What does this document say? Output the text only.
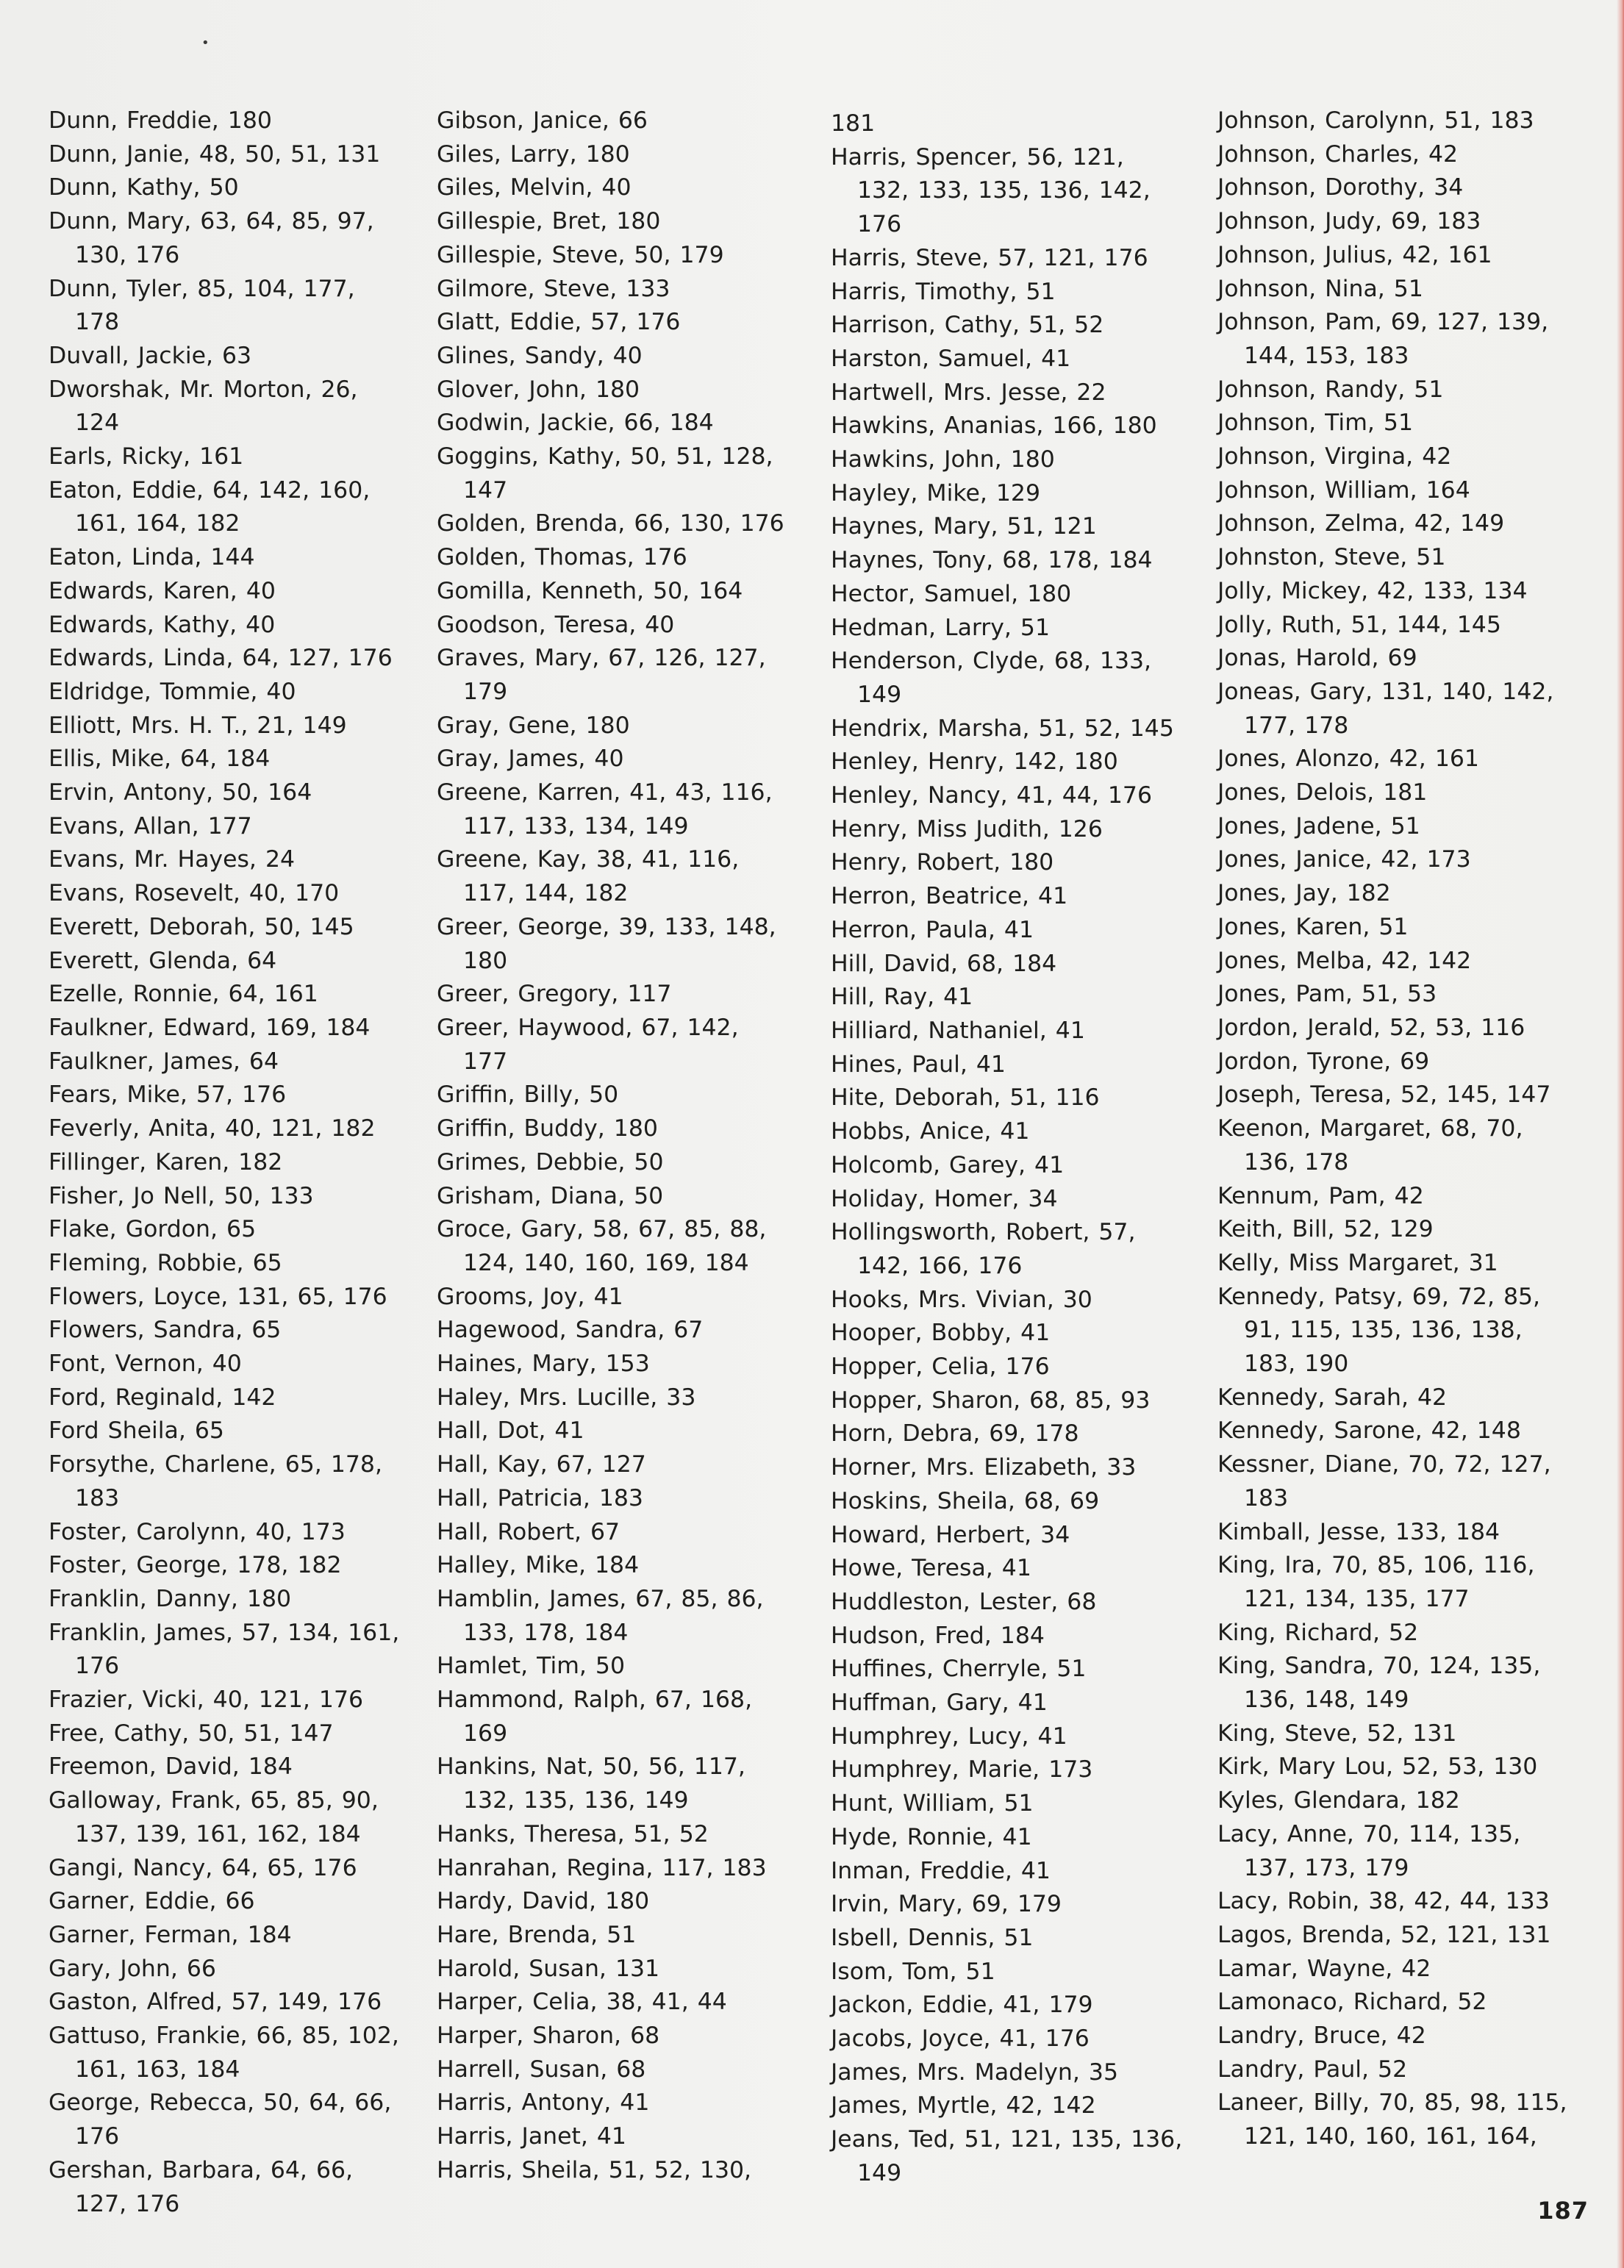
•
Dunn, Freddie, 180
Dunn, Janie, 48, 50, 51, 131
Dunn, Kathy, 50
Dunn, Mary, 63, 64, 85, 97, 130, 176
Dunn, Tyler, 85, 104, 177, 178
Duvall, Jackie, 63
Dworshak, Mr. Morton, 26, 124
Earls, Ricky, 161
Eaton, Eddie, 64, 142, 160, 161, 164, 182
Eaton, Linda, 144
Edwards, Karen, 40
Edwards, Kathy, 40
Edwards, Linda, 64, 127, 176
Eldridge, Tommie, 40
Elliott, Mrs. H. T., 21, 149
Ellis, Mike, 64, 184
Ervin, Antony, 50, 164
Evans, Allan, 177
Evans, Mr. Hayes, 24
Evans, Rosevelt, 40, 170
Everett, Deborah, 50, 145
Everett, Glenda, 64
Ezelle, Ronnie, 64, 161
Faulkner, Edward, 169, 184
Faulkner, James, 64
Fears, Mike, 57, 176
Feverly, Anita, 40, 121, 182
Fillinger, Karen, 182
Fisher, Jo Nell, 50, 133
Flake, Gordon, 65
Fleming, Robbie, 65
Flowers, Loyce, 131, 65, 176
Flowers, Sandra, 65
Font, Vernon, 40
Ford, Reginald, 142
Ford Sheila, 65
Forsythe, Charlene, 65, 178, 183
Foster, Carolynn, 40, 173
Foster, George, 178, 182
Franklin, Danny, 180
Franklin, James, 57, 134, 161, 176
Frazier, Vicki, 40, 121, 176
Free, Cathy, 50, 51, 147
Freemon, David, 184
Galloway, Frank, 65, 85, 90, 137, 139, 161, 162, 184
Gangi, Nancy, 64, 65, 176
Garner, Eddie, 66
Garner, Ferman, 184
Gary, John, 66
Gaston, Alfred, 57, 149, 176
Gattuso, Frankie, 66, 85, 102, 161, 163, 184
George, Rebecca, 50, 64, 66, 176
Gershan, Barbara, 64, 66, 127, 176
Gibson, Janice, 66
Giles, Larry, 180
Giles, Melvin, 40
Gillespie, Bret, 180
Gillespie, Steve, 50, 179
Gilmore, Steve, 133
Glatt, Eddie, 57, 176
Glines, Sandy, 40
Glover, John, 180
Godwin, Jackie, 66, 184
Goggins, Kathy, 50, 51, 128, 147
Golden, Brenda, 66, 130, 176
Golden, Thomas, 176
Gomilla, Kenneth, 50, 164
Goodson, Teresa, 40
Graves, Mary, 67, 126, 127, 179
Gray, Gene, 180
Gray, James, 40
Greene, Karren, 41, 43, 116, 117, 133, 134, 149
Greene, Kay, 38, 41, 116, 117, 144, 182
Greer, George, 39, 133, 148, 180
Greer, Gregory, 117
Greer, Haywood, 67, 142, 177
Griffin, Billy, 50
Griffin, Buddy, 180
Grimes, Debbie, 50
Grisham, Diana, 50
Groce, Gary, 58, 67, 85, 88, 124, 140, 160, 169, 184
Grooms, Joy, 41
Hagewood, Sandra, 67
Haines, Mary, 153
Haley, Mrs. Lucille, 33
Hall, Dot, 41
Hall, Kay, 67, 127
Hall, Patricia, 183
Hall, Robert, 67
Halley, Mike, 184
Hamblin, James, 67, 85, 86, 133, 178, 184
Hamlet, Tim, 50
Hammond, Ralph, 67, 168, 169
Hankins, Nat, 50, 56, 117, 132, 135, 136, 149
Hanks, Theresa, 51, 52
Hanrahan, Regina, 117, 183
Hardy, David, 180
Hare, Brenda, 51
Harold, Susan, 131
Harper, Celia, 38, 41, 44
Harper, Sharon, 68
Harrell, Susan, 68
Harris, Antony, 41
Harris, Janet, 41
Harris, Sheila, 51, 52, 130,
181
Harris, Spencer, 56, 121, 132, 133, 135, 136, 142, 176
Harris, Steve, 57, 121, 176
Harris, Timothy, 51
Harrison, Cathy, 51, 52
Harston, Samuel, 41
Hartwell, Mrs. Jesse, 22
Hawkins, Ananias, 166, 180
Hawkins, John, 180
Hayley, Mike, 129
Haynes, Mary, 51, 121
Haynes, Tony, 68, 178, 184
Hector, Samuel, 180
Hedman, Larry, 51
Henderson, Clyde, 68, 133, 149
Hendrix, Marsha, 51, 52, 145
Henley, Henry, 142, 180
Henley, Nancy, 41, 44, 176
Henry, Miss Judith, 126
Henry, Robert, 180
Herron, Beatrice, 41
Herron, Paula, 41
Hill, David, 68, 184
Hill, Ray, 41
Hilliard, Nathaniel, 41
Hines, Paul, 41
Hite, Deborah, 51, 116
Hobbs, Anice, 41
Holcomb, Garey, 41
Holiday, Homer, 34
Hollingsworth, Robert, 57, 142, 166, 176
Hooks, Mrs. Vivian, 30
Hooper, Bobby, 41
Hopper, Celia, 176
Hopper, Sharon, 68, 85, 93
Horn, Debra, 69, 178
Horner, Mrs. Elizabeth, 33
Hoskins, Sheila, 68, 69
Howard, Herbert, 34
Howe, Teresa, 41
Huddleston, Lester, 68
Hudson, Fred, 184
Huffines, Cherryle, 51
Huffman, Gary, 41
Humphrey, Lucy, 41
Humphrey, Marie, 173
Hunt, William, 51
Hyde, Ronnie, 41
Inman, Freddie, 41
Irvin, Mary, 69, 179
Isbell, Dennis, 51
Isom, Tom, 51
Jackon, Eddie, 41, 179
Jacobs, Joyce, 41, 176
James, Mrs. Madelyn, 35
James, Myrtle, 42, 142
Jeans, Ted, 51, 121, 135, 136, 149
Johnson, Carolynn, 51, 183
Johnson, Charles, 42
Johnson, Dorothy, 34
Johnson, Judy, 69, 183
Johnson, Julius, 42, 161
Johnson, Nina, 51
Johnson, Pam, 69, 127, 139, 144, 153, 183
Johnson, Randy, 51
Johnson, Tim, 51
Johnson, Virgina, 42
Johnson, William, 164
Johnson, Zelma, 42, 149
Johnston, Steve, 51
Jolly, Mickey, 42, 133, 134
Jolly, Ruth, 51, 144, 145
Jonas, Harold, 69
Joneas, Gary, 131, 140, 142, 177, 178
Jones, Alonzo, 42, 161
Jones, Delois, 181
Jones, Jadene, 51
Jones, Janice, 42, 173
Jones, Jay, 182
Jones, Karen, 51
Jones, Melba, 42, 142
Jones, Pam, 51, 53
Jordon, Jerald, 52, 53, 116
Jordon, Tyrone, 69
Joseph, Teresa, 52, 145, 147
Keenon, Margaret, 68, 70, 136, 178
Kennum, Pam, 42
Keith, Bill, 52, 129
Kelly, Miss Margaret, 31
Kennedy, Patsy, 69, 72, 85, 91, 115, 135, 136, 138, 183, 190
Kennedy, Sarah, 42
Kennedy, Sarone, 42, 148
Kessner, Diane, 70, 72, 127, 183
Kimball, Jesse, 133, 184
King, Ira, 70, 85, 106, 116, 121, 134, 135, 177
King, Richard, 52
King, Sandra, 70, 124, 135, 136, 148, 149
King, Steve, 52, 131
Kirk, Mary Lou, 52, 53, 130
Kyles, Glendara, 182
Lacy, Anne, 70, 114, 135, 137, 173, 179
Lacy, Robin, 38, 42, 44, 133
Lagos, Brenda, 52, 121, 131
Lamar, Wayne, 42
Lamonaco, Richard, 52
Landry, Bruce, 42
Landry, Paul, 52
Laneer, Billy, 70, 85, 98, 115, 121, 140, 160, 161, 164,
187
